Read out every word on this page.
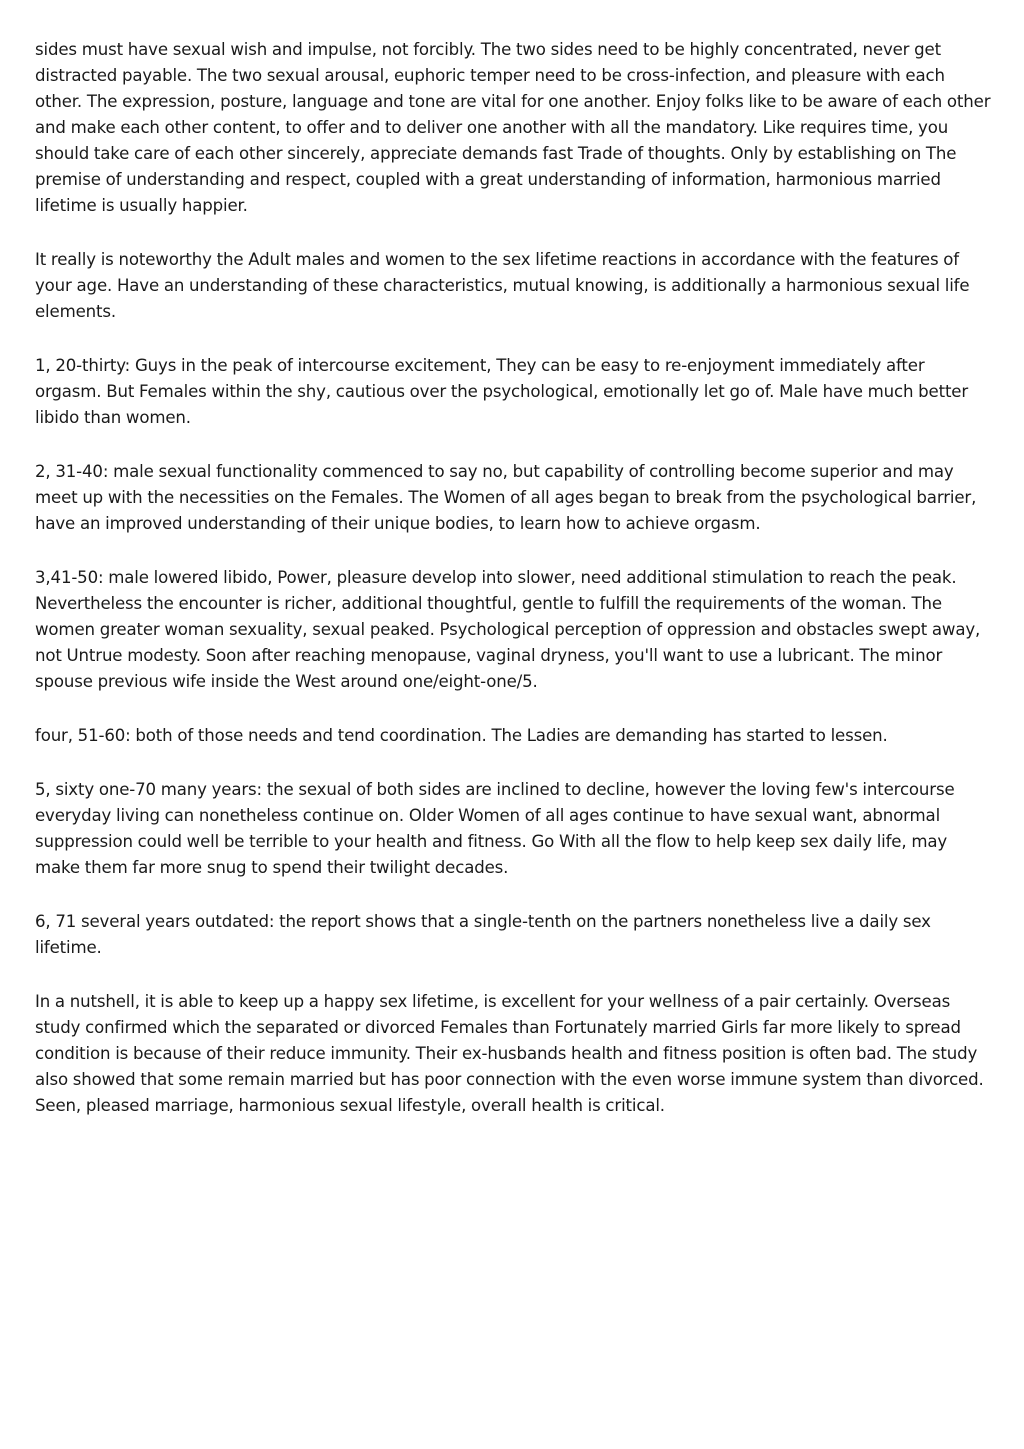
sides must have sexual wish and impulse, not forcibly. The two sides need to be highly concentrated, never get distracted payable. The two sexual arousal, euphoric temper need to be cross-infection, and pleasure with each other. The expression, posture, language and tone are vital for one another. Enjoy folks like to be aware of each other and make each other content, to offer and to deliver one another with all the mandatory. Like requires time, you should take care of each other sincerely, appreciate demands fast Trade of thoughts. Only by establishing on The premise of understanding and respect, coupled with a great understanding of information, harmonious married lifetime is usually happier.

It really is noteworthy the Adult males and women to the sex lifetime reactions in accordance with the features of your age. Have an understanding of these characteristics, mutual knowing, is additionally a harmonious sexual life elements.

1, 20-thirty: Guys in the peak of intercourse excitement, They can be easy to re-enjoyment immediately after orgasm. But Females within the shy, cautious over the psychological, emotionally let go of. Male have much better libido than women.

2, 31-40: male sexual functionality commenced to say no, but capability of controlling become superior and may meet up with the necessities on the Females. The Women of all ages began to break from the psychological barrier, have an improved understanding of their unique bodies, to learn how to achieve orgasm.

3,41-50: male lowered libido, Power, pleasure develop into slower, need additional stimulation to reach the peak. Nevertheless the encounter is richer, additional thoughtful, gentle to fulfill the requirements of the woman. The women greater woman sexuality, sexual peaked. Psychological perception of oppression and obstacles swept away, not Untrue modesty. Soon after reaching menopause, vaginal dryness, you'll want to use a lubricant. The minor spouse previous wife inside the West around one/eight-one/5.

four, 51-60: both of those needs and tend coordination. The Ladies are demanding has started to lessen.

5, sixty one-70 many years: the sexual of both sides are inclined to decline, however the loving few's intercourse everyday living can nonetheless continue on. Older Women of all ages continue to have sexual want, abnormal suppression could well be terrible to your health and fitness. Go With all the flow to help keep sex daily life, may make them far more snug to spend their twilight decades.

6, 71 several years outdated: the report shows that a single-tenth on the partners nonetheless live a daily sex lifetime.

In a nutshell, it is able to keep up a happy sex lifetime, is excellent for your wellness of a pair certainly. Overseas study confirmed which the separated or divorced Females than Fortunately married Girls far more likely to spread condition is because of their reduce immunity. Their ex-husbands health and fitness position is often bad. The study also showed that some remain married but has poor connection with the even worse immune system than divorced. Seen, pleased marriage, harmonious sexual lifestyle, overall health is critical.
